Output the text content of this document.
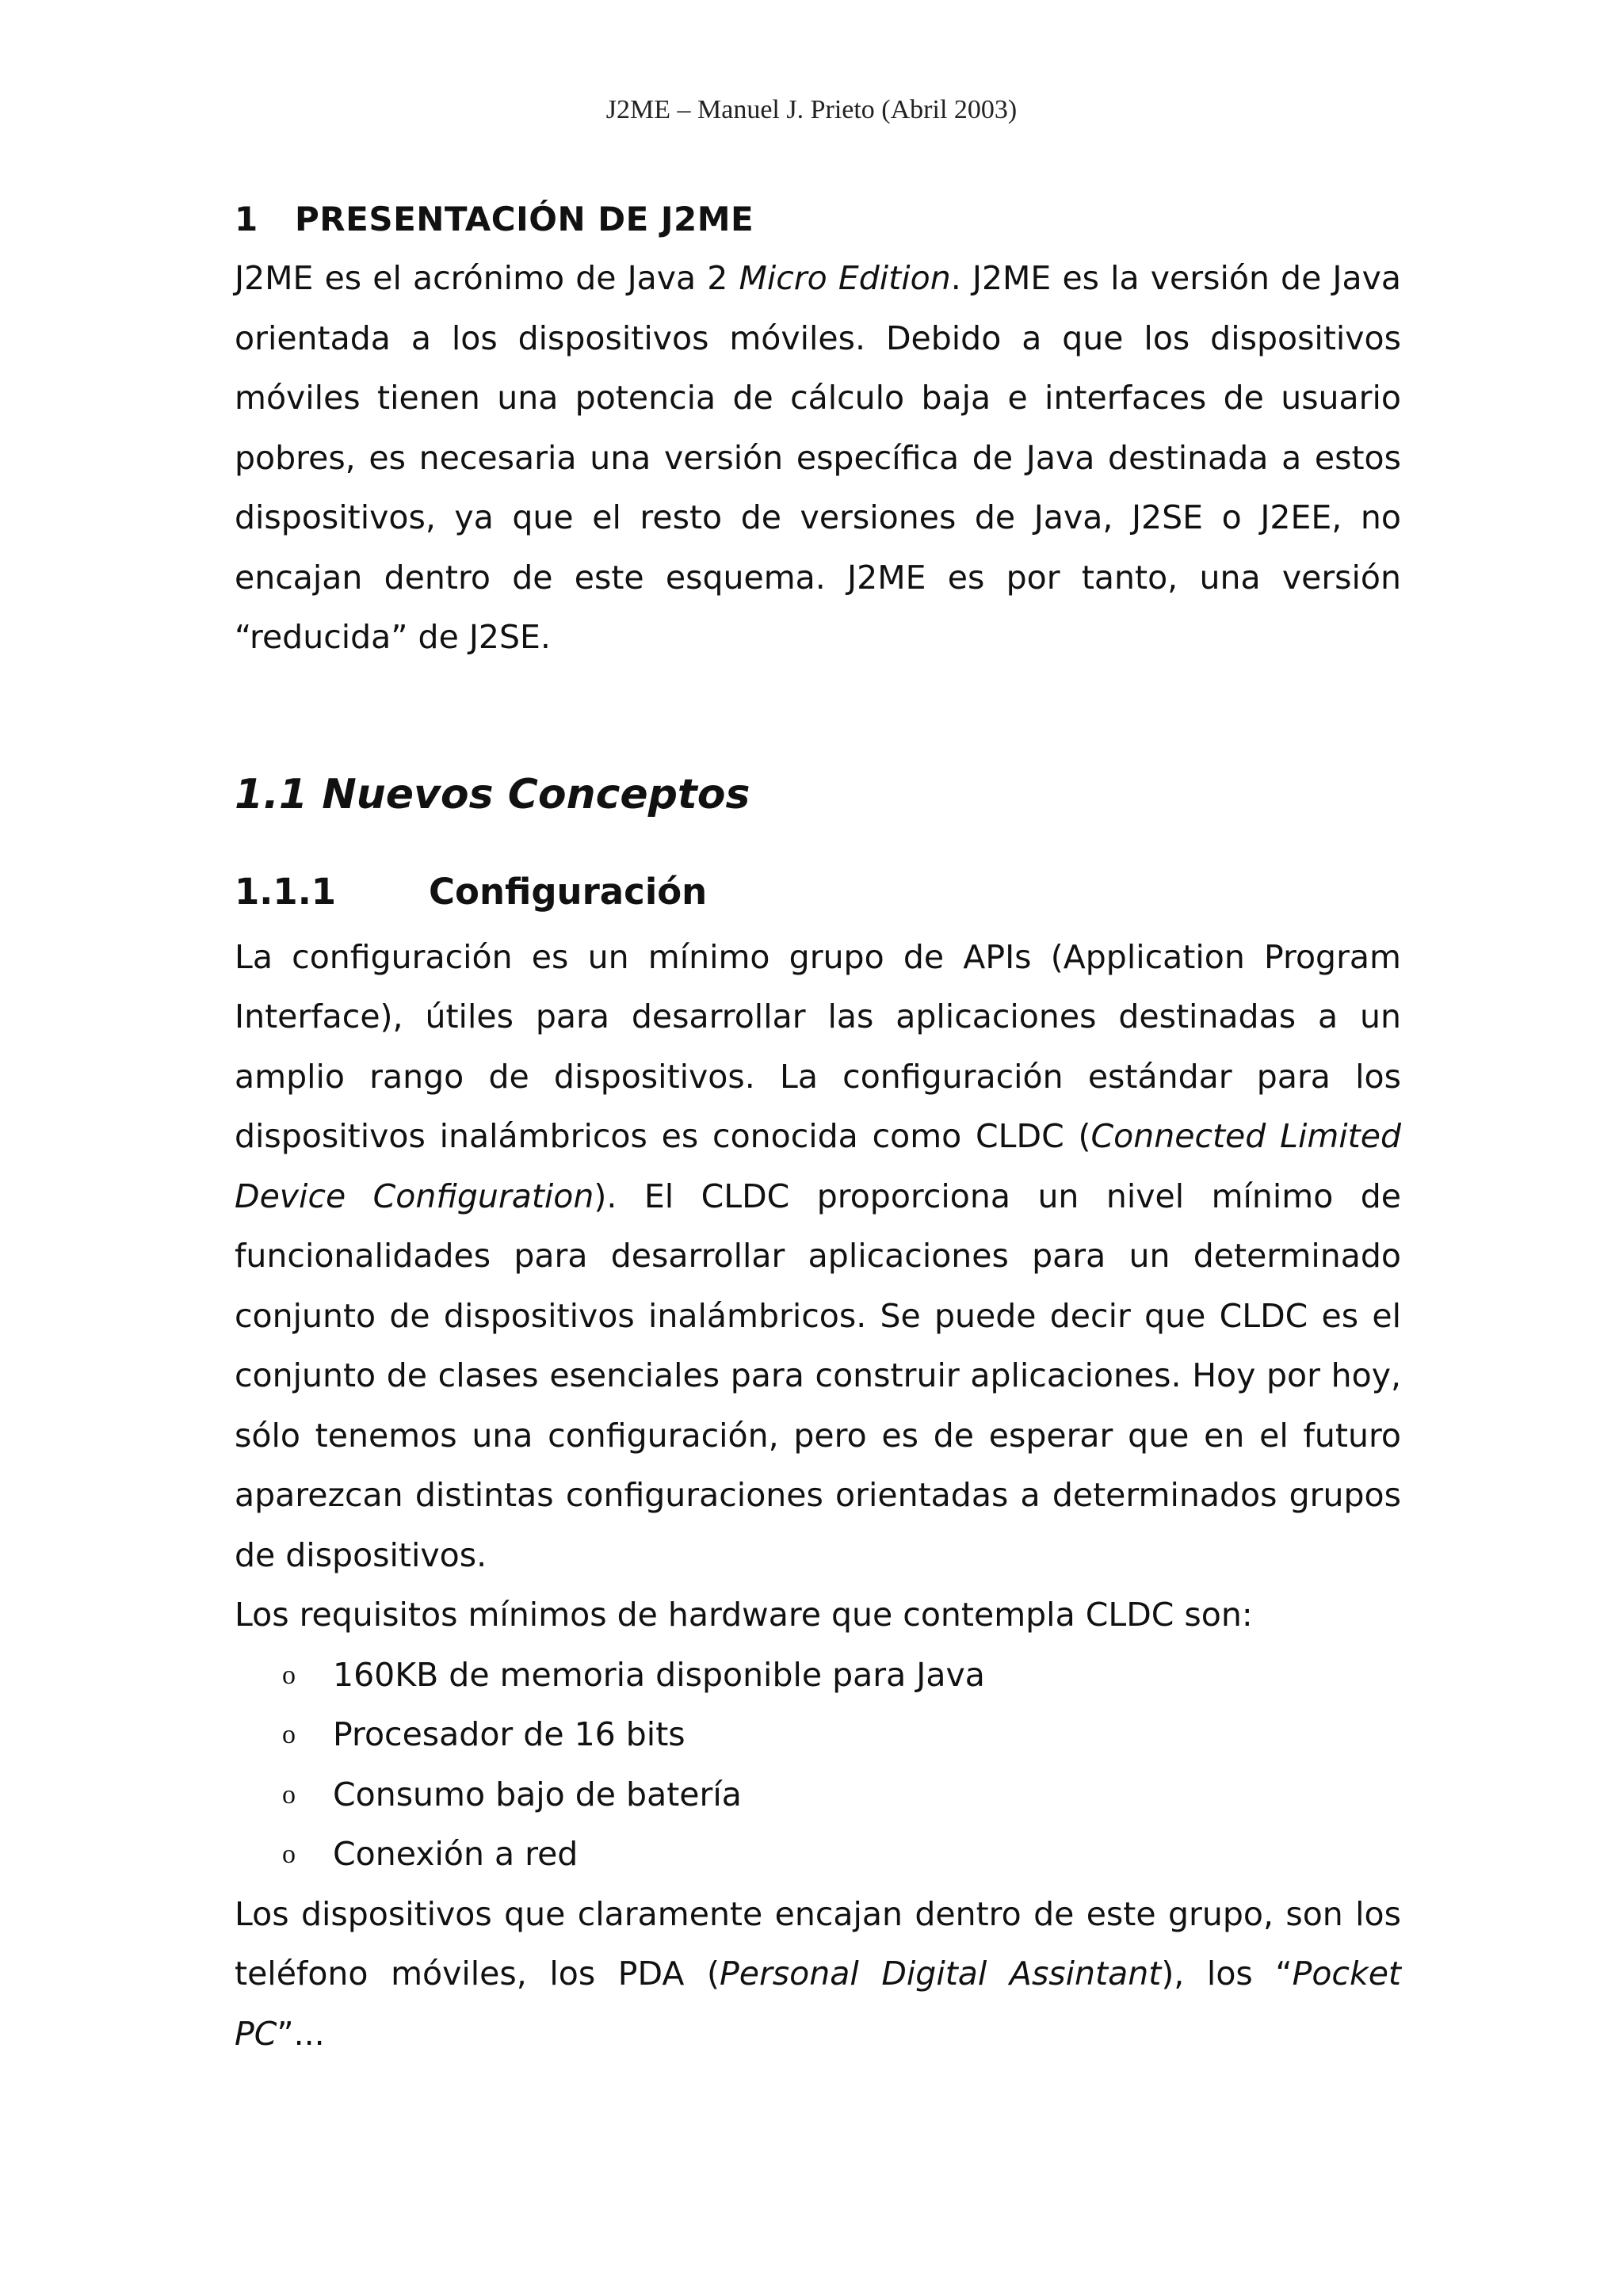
J2ME – Manuel J. Prieto (Abril 2003)
1 PRESENTACIÓN DE J2ME

J2ME es el acrónimo de Java 2 Micro Edition. J2ME es la versión de Java orientada a los dispositivos móviles. Debido a que los dispositivos móviles tienen una potencia de cálculo baja e interfaces de usuario pobres, es necesaria una versión específica de Java destinada a estos dispositivos, ya que el resto de versiones de Java, J2SE o J2EE, no encajan dentro de este esquema. J2ME es por tanto, una versión “reducida” de J2SE.

1.1 Nuevos Conceptos
1.1.1	Configuración

La configuración es un mínimo grupo de APIs (Application Program Interface), útiles para desarrollar las aplicaciones destinadas a un amplio rango de dispositivos. La configuración estándar para los dispositivos inalámbricos es conocida como CLDC (Connected Limited Device Configuration). El CLDC proporciona un nivel mínimo de funcionalidades para desarrollar aplicaciones para un determinado conjunto de dispositivos inalámbricos. Se puede decir que CLDC es el conjunto de clases esenciales para construir aplicaciones. Hoy por hoy, sólo tenemos una configuración, pero es de esperar que en el futuro aparezcan distintas configuraciones orientadas a determinados grupos de dispositivos.

Los requisitos mínimos de hardware que contempla CLDC son:

o 160KB de memoria disponible para Java
o Procesador de 16 bits
o Consumo bajo de batería
o Conexión a red

Los dispositivos que claramente encajan dentro de este grupo, son los teléfono móviles, los PDA (Personal Digital Assintant), los “Pocket PC”...
